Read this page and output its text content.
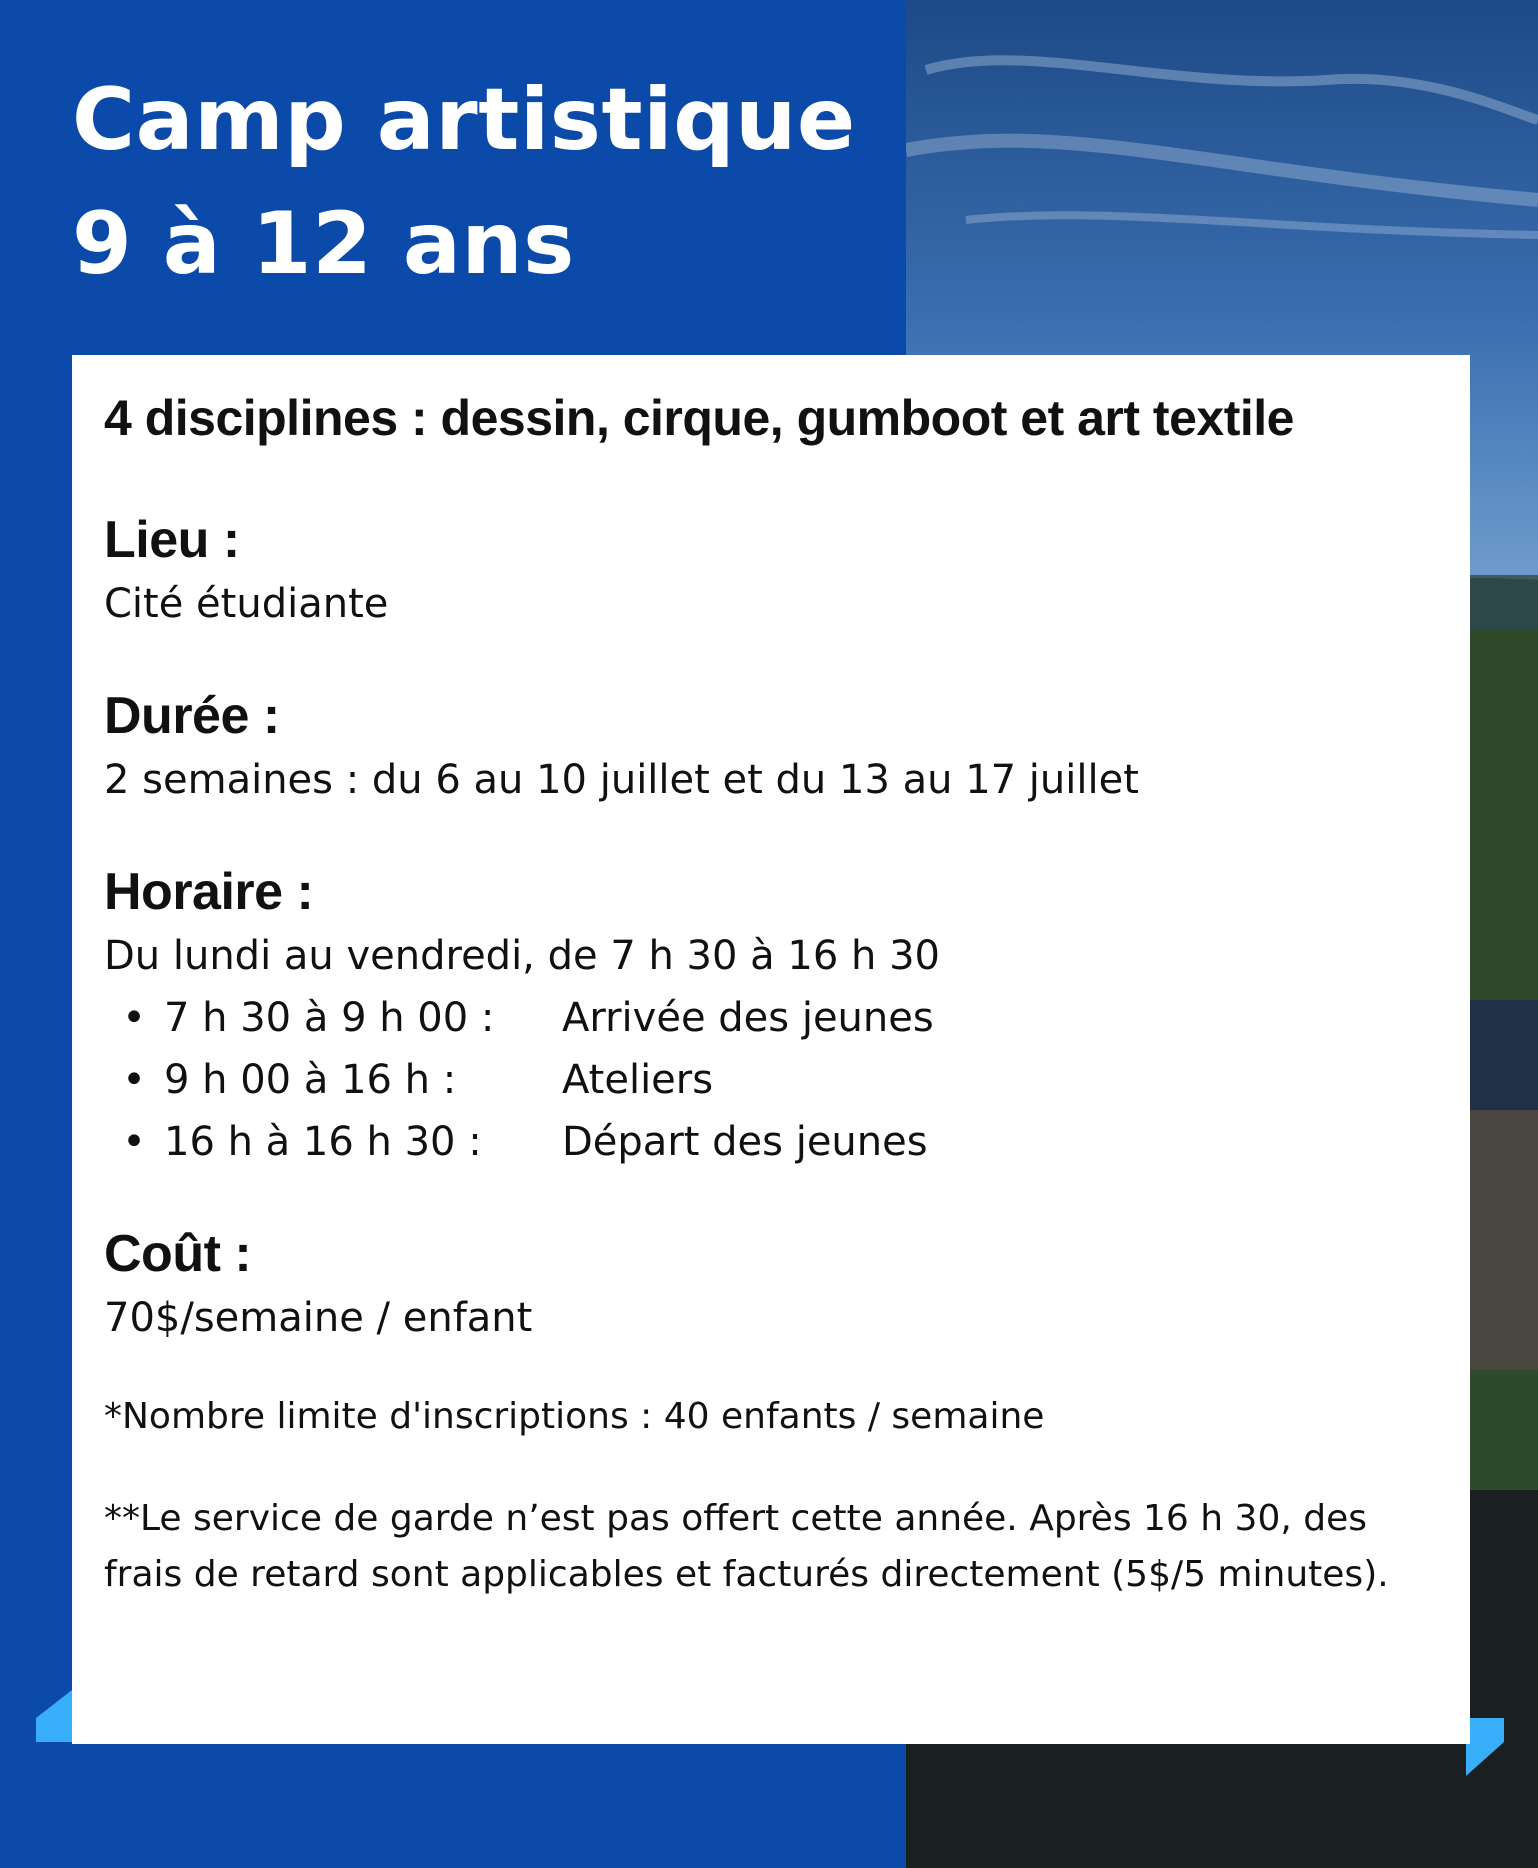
Camp artistique
9 à 12 ans
4 disciplines : dessin, cirque, gumboot et art textile
Lieu :
Cité étudiante
Durée :
2 semaines : du 6 au 10 juillet et du 13 au 17 juillet
Horaire :
Du lundi au vendredi, de 7 h 30 à 16 h 30
• 7 h 30 à 9 h 00 :	Arrivée des jeunes
• 9 h 00 à 16 h :	Ateliers
• 16 h à 16 h 30 :	Départ des jeunes
Coût :
70$/semaine / enfant
*Nombre limite d'inscriptions : 40 enfants / semaine
**Le service de garde n’est pas offert cette année. Après 16 h 30, des frais de retard sont applicables et facturés directement (5$/5 minutes).
